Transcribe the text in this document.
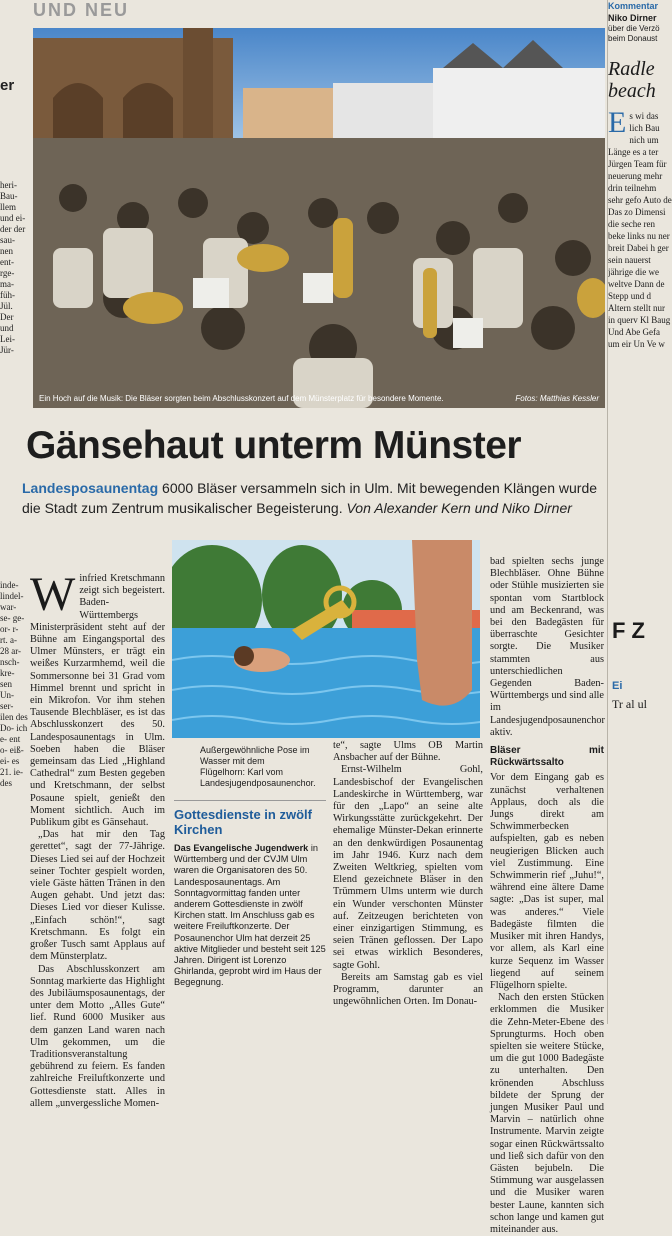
UND NEU
Ein Hoch auf die Musik: Die Bläser sorgten beim Abschlusskonzert auf dem Münsterplatz für besondere Momente.	Fotos: Matthias Kessler
er
heri- Bau- llem und ei- der der sau- nen ent- rge- ma- füh- Jül. Der und Lei- Jür-
inde- lindel- war- se- ge- or- r- rt. a- 28 ar- nsch- kre- sen Un- ser- ilen des Do- ich e- ent o- eiß- ei- es 21. ie- des
Kommentar
Niko Dirner
über die Verzö beim Donaust
Radle beach
E s wi das lich Bau nich um Länge es a ter Jürgen Team für neuerung mehr drin teilnehm sehr gefo Auto de Das zo Dimensi die seche ren beke links nu ner breit Dabei h ger sein nauerst jährige die we weltve Dann de Stepp und d Altern stellt nur in querv Kl Baug Und Abe Gefa um eir Un Ve w
F Z
Ei
Tr al ul
Gänsehaut unterm Münster
Landesposaunentag 6000 Bläser versammeln sich in Ulm. Mit bewegenden Klängen wurde die Stadt zum Zentrum musikalischer Begeisterung. Von Alexander Kern und Niko Dirner

Winfried Kretschmann zeigt sich begeistert. Baden-Württembergs Ministerpräsident steht auf der Bühne am Eingangsportal des Ulmer Münsters, er trägt ein weißes Kurzarmhemd, weil die Sommersonne bei 31 Grad vom Himmel brennt und spricht in ein Mikrofon. Vor ihm stehen Tausende Blechbläser, es ist das Abschlusskonzert des 50. Landesposaunentags in Ulm. Soeben haben die Bläser gemeinsam das Lied „Highland Cathedral“ zum Besten gegeben und Kretschmann, der selbst Posaune spielt, genießt den Moment sichtlich. Auch im Publikum gibt es Gänsehaut.

„Das hat mir den Tag gerettet“, sagt der 77-Jährige. Dieses Lied sei auf der Hochzeit seiner Tochter gespielt worden, viele Gäste hätten Tränen in den Augen gehabt. Und jetzt das: Dieses Lied vor dieser Kulisse. „Einfach schön!“, sagt Kretschmann. Es folgt ein großer Tusch samt Applaus auf dem Münsterplatz.

Das Abschlusskonzert am Sonntag markierte das Highlight des Jubiläumsposaunentags, der unter dem Motto „Alles Gute“ lief. Rund 6000 Musiker aus dem ganzen Land waren nach Ulm gekommen, um die Traditionsveranstaltung gebührend zu feiern. Es fanden zahlreiche Freiluftkonzerte und Gottesdienste statt. Alles in allem „unvergessliche Momen-

Außergewöhnliche Pose im Wasser mit dem Flügelhorn: Karl vom Landesjugendposaunenchor.
Gottesdienste in zwölf Kirchen
Das Evangelische Jugendwerk in Württemberg und der CVJM Ulm waren die Organisatoren des 50. Landesposaunentags. Am Sonntagvormittag fanden unter anderem Gottesdienste in zwölf Kirchen statt. Im Anschluss gab es weitere Freiluftkonzerte. Der Posaunenchor Ulm hat derzeit 25 aktive Mitglieder und besteht seit 125 Jahren. Dirigent ist Lorenzo Ghirlanda, geprobt wird im Haus der Begegnung.

te“, sagte Ulms OB Martin Ansbacher auf der Bühne.

Ernst-Wilhelm Gohl, Landesbischof der Evangelischen Landeskirche in Württemberg, war für den „Lapo“ an seine alte Wirkungsstätte zurückgekehrt. Der ehemalige Münster-Dekan erinnerte an den denkwürdigen Posaunentag im Jahr 1946. Kurz nach dem Zweiten Weltkrieg, spielten vom Elend gezeichnete Bläser in den Trümmern Ulms unterm wie durch ein Wunder verschonten Münster auf. Zeitzeugen berichteten von einer einzigartigen Stimmung, es seien Tränen geflossen. Der Lapo sei etwas wirklich Besonderes, sagte Gohl.

Bereits am Samstag gab es viel Programm, darunter an ungewöhnlichen Orten. Im Donau-

bad spielten sechs junge Blechbläser. Ohne Bühne oder Stühle musizierten sie spontan vom Startblock und am Beckenrand, was bei den Badegästen für überraschte Gesichter sorgte. Die Musiker stammten aus unterschiedlichen Gegenden Baden-Württembergs und sind alle im Landesjugendposaunenchor aktiv.

Bläser mit Rückwärtssalto

Vor dem Eingang gab es zunächst verhaltenen Applaus, doch als die Jungs direkt am Schwimmerbecken aufspielten, gab es neben neugierigen Blicken auch viel Zustimmung. Eine Schwimmerin rief „Juhu!“, während eine ältere Dame sagte: „Das ist super, mal was anderes.“ Viele Badegäste filmten die Musiker mit ihren Handys, vor allem, als Karl eine kurze Sequenz im Wasser liegend auf seinem Flügelhorn spielte.

Nach den ersten Stücken erklommen die Musiker die Zehn-Meter-Ebene des Sprungturms. Hoch oben spielten sie weitere Stücke, um die gut 1000 Badegäste zu unterhalten. Den krönenden Abschluss bildete der Sprung der jungen Musiker Paul und Marvin – natürlich ohne Instrumente. Marvin zeigte sogar einen Rückwärtssalto und ließ sich dafür von den Gästen bejubeln. Die Stimmung war ausgelassen und die Musiker waren bester Laune, kannten sich schon lange und kamen gut miteinander aus.
